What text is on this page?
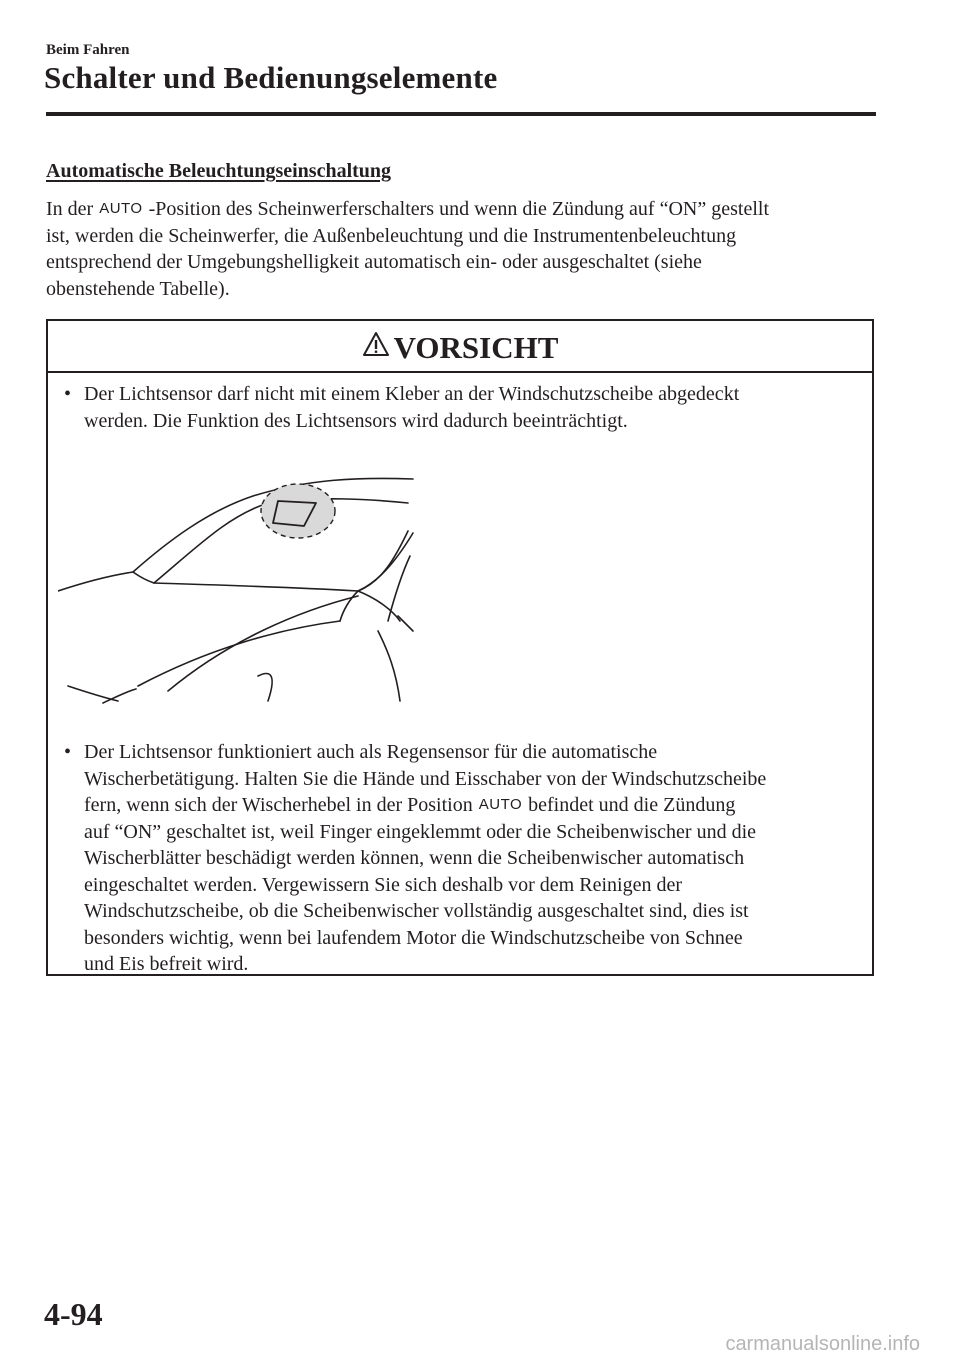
Beim Fahren
Schalter und Bedienungselemente
Automatische Beleuchtungseinschaltung
In der AUTO -Position des Scheinwerferschalters und wenn die Zündung auf “ON” gestellt
ist, werden die Scheinwerfer, die Außenbeleuchtung und die Instrumentenbeleuchtung
entsprechend der Umgebungshelligkeit automatisch ein- oder ausgeschaltet (siehe
obenstehende Tabelle).
VORSICHT
• Der Lichtsensor darf nicht mit einem Kleber an der Windschutzscheibe abgedeckt
werden. Die Funktion des Lichtsensors wird dadurch beeinträchtigt.
• Der Lichtsensor funktioniert auch als Regensensor für die automatische
Wischerbetätigung. Halten Sie die Hände und Eisschaber von der Windschutzscheibe
fern, wenn sich der Wischerhebel in der Position AUTO befindet und die Zündung
auf “ON” geschaltet ist, weil Finger eingeklemmt oder die Scheibenwischer und die
Wischerblätter beschädigt werden können, wenn die Scheibenwischer automatisch
eingeschaltet werden. Vergewissern Sie sich deshalb vor dem Reinigen der
Windschutzscheibe, ob die Scheibenwischer vollständig ausgeschaltet sind, dies ist
besonders wichtig, wenn bei laufendem Motor die Windschutzscheibe von Schnee
und Eis befreit wird.
4-94
carmanualsonline.info
